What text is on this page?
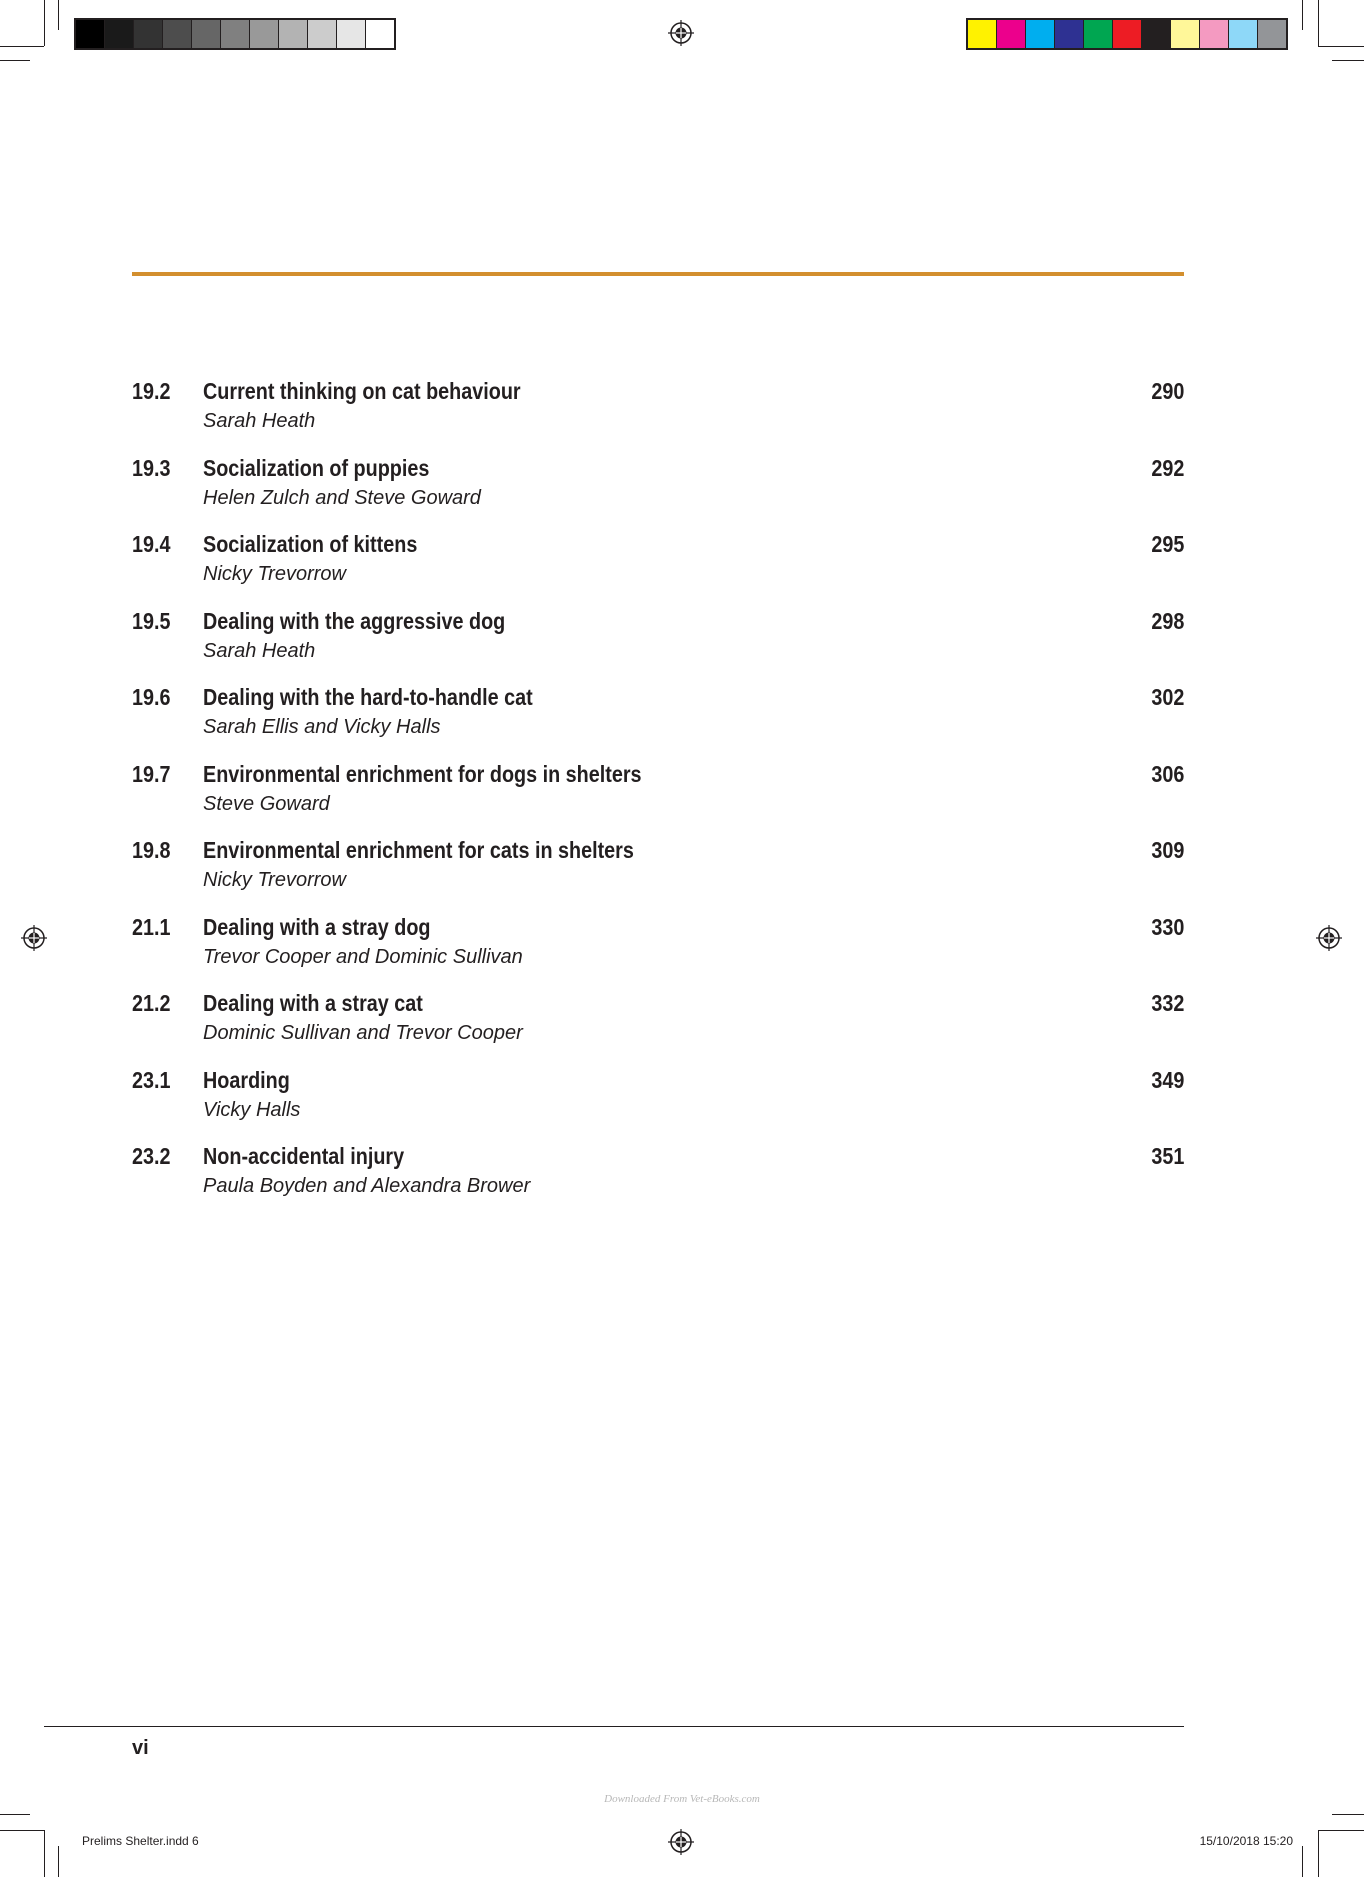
19.2 Current thinking on cat behaviour
Sarah Heath
290
19.3 Socialization of puppies
Helen Zulch and Steve Goward
292
19.4 Socialization of kittens
Nicky Trevorrow
295
19.5 Dealing with the aggressive dog
Sarah Heath
298
19.6 Dealing with the hard-to-handle cat
Sarah Ellis and Vicky Halls
302
19.7 Environmental enrichment for dogs in shelters
Steve Goward
306
19.8 Environmental enrichment for cats in shelters
Nicky Trevorrow
309
21.1 Dealing with a stray dog
Trevor Cooper and Dominic Sullivan
330
21.2 Dealing with a stray cat
Dominic Sullivan and Trevor Cooper
332
23.1 Hoarding
Vicky Halls
349
23.2 Non-accidental injury
Paula Boyden and Alexandra Brower
351
vi
Downloaded From Vet-eBooks.com
Prelims Shelter.indd 6	15/10/2018 15:20
